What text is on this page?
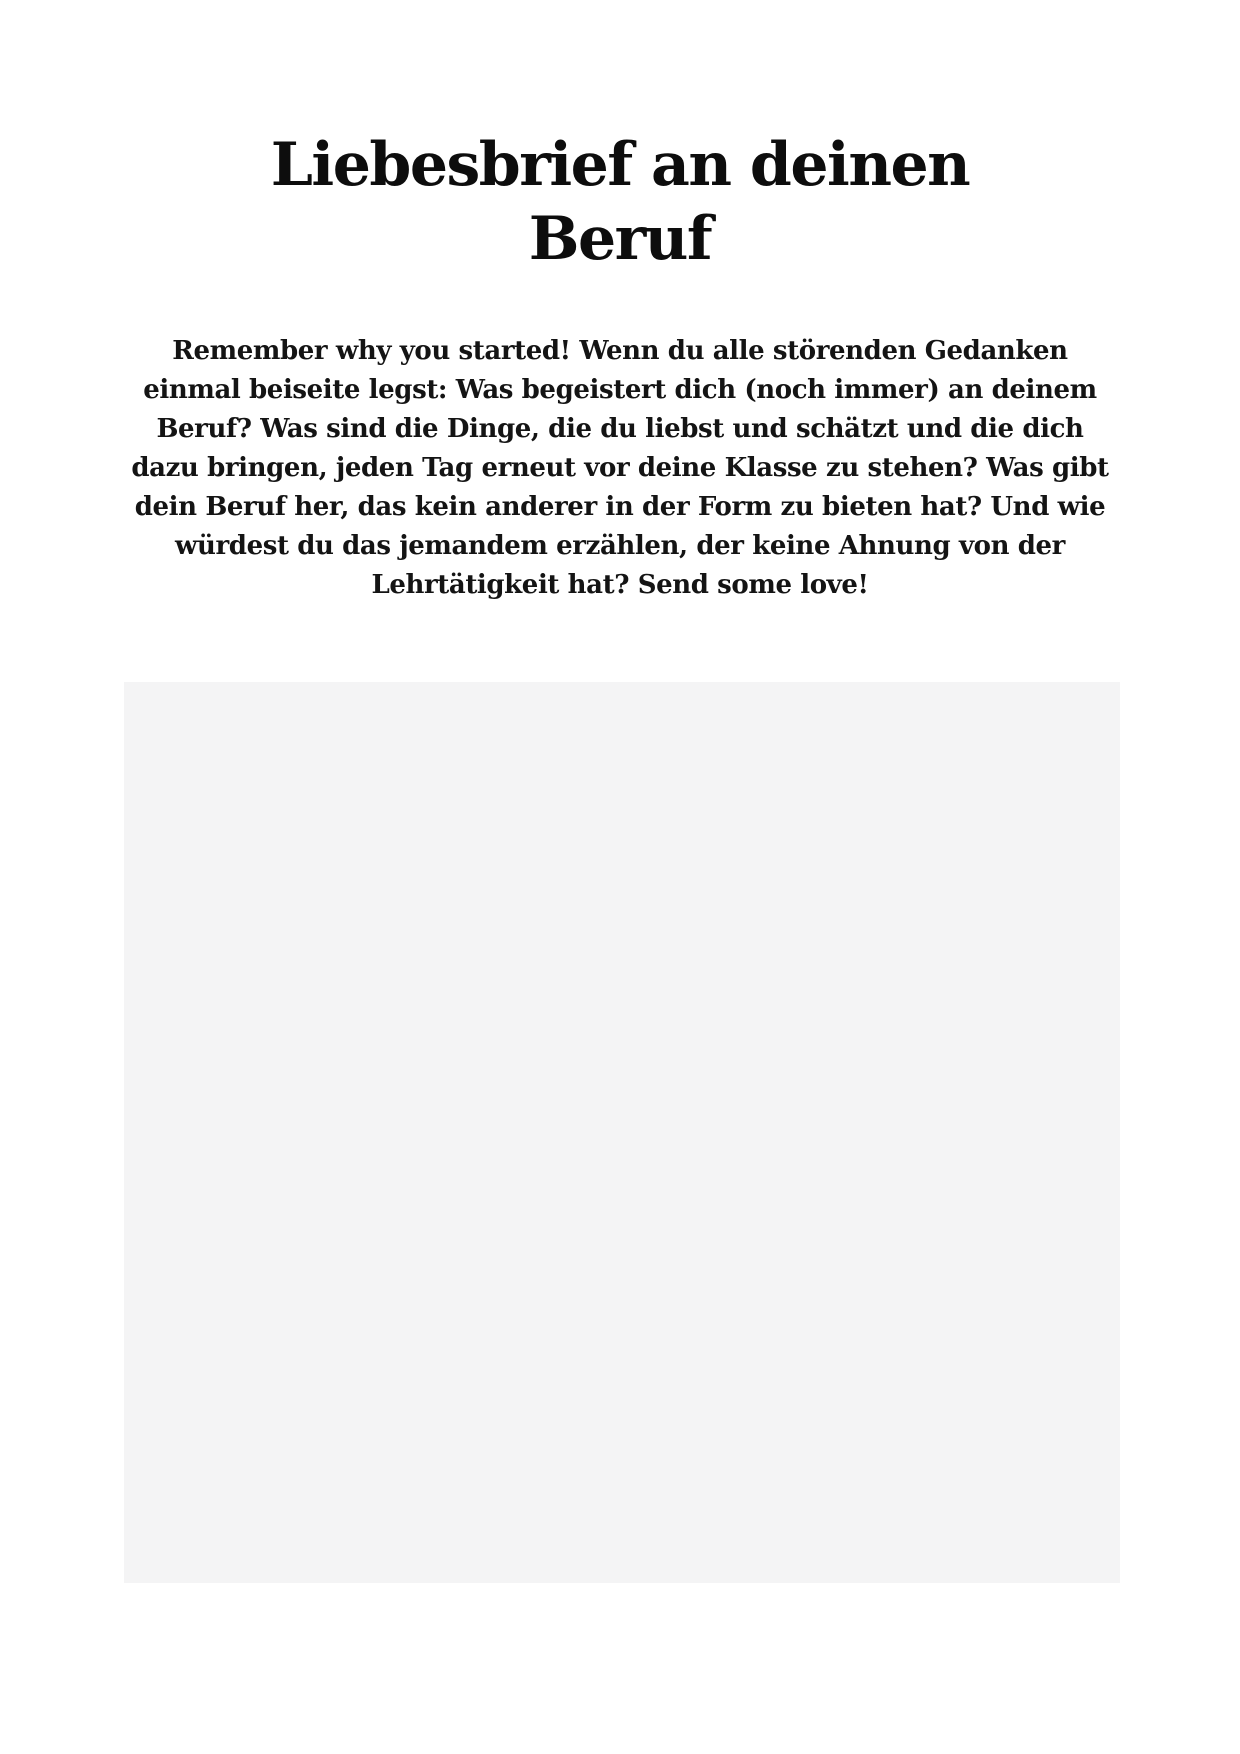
Liebesbrief an deinen
Beruf

Remember why you started! Wenn du alle störenden Gedanken einmal beiseite legst: Was begeistert dich (noch immer) an deinem Beruf? Was sind die Dinge, die du liebst und schätzt und die dich dazu bringen, jeden Tag erneut vor deine Klasse zu stehen? Was gibt dein Beruf her, das kein anderer in der Form zu bieten hat? Und wie würdest du das jemandem erzählen, der keine Ahnung von der Lehrtätigkeit hat? Send some love!
